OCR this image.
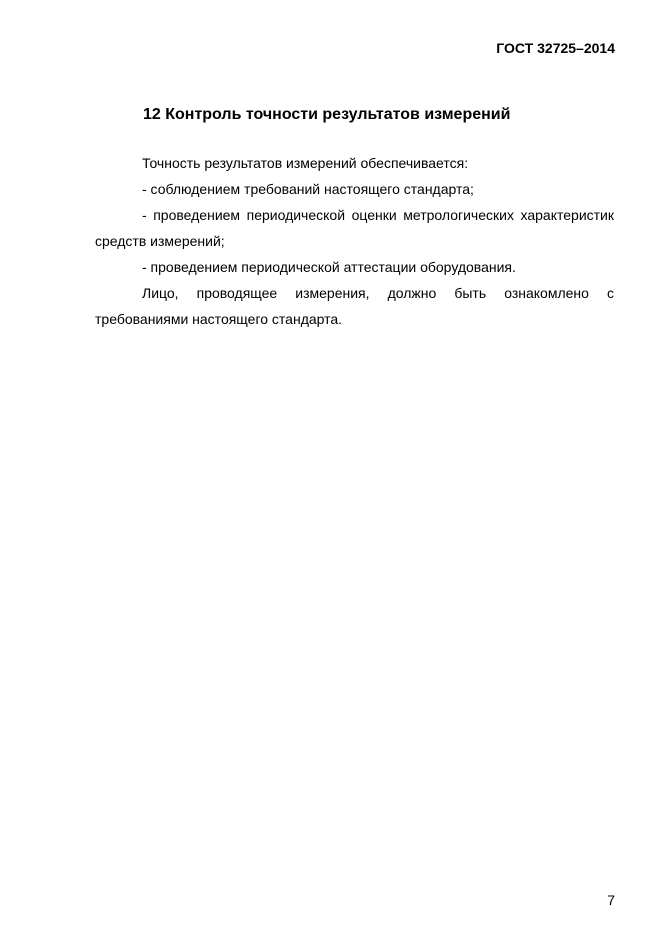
ГОСТ 32725–2014
12 Контроль точности результатов измерений

Точность результатов измерений обеспечивается:

- соблюдением требований настоящего стандарта;

- проведением периодической оценки метрологических характеристик средств измерений;

- проведением периодической аттестации оборудования.

Лицо, проводящее измерения, должно быть ознакомлено с требованиями настоящего стандарта.

7
